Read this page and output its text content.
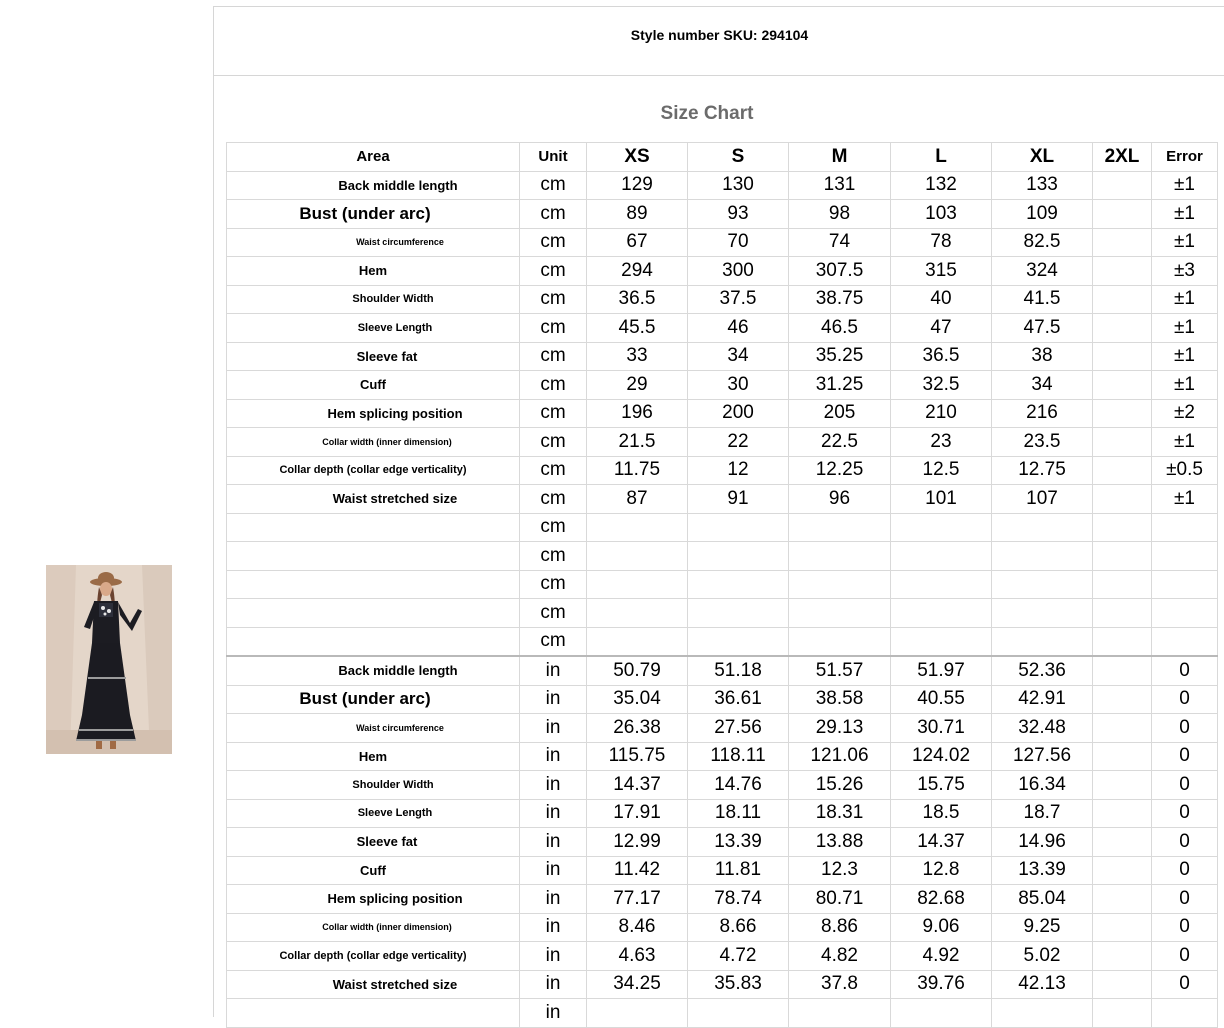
Style number SKU: 294104
Size Chart
Area	Unit	XS	S	M	L	XL	2XL	Error
Back middle length	cm	129	130	131	132	133		±1
Bust (under arc)	cm	89	93	98	103	109		±1
Waist circumference	cm	67	70	74	78	82.5		±1
Hem	cm	294	300	307.5	315	324		±3
Shoulder Width	cm	36.5	37.5	38.75	40	41.5		±1
Sleeve Length	cm	45.5	46	46.5	47	47.5		±1
Sleeve fat	cm	33	34	35.25	36.5	38		±1
Cuff	cm	29	30	31.25	32.5	34		±1
Hem splicing position	cm	196	200	205	210	216		±2
Collar width (inner dimension)	cm	21.5	22	22.5	23	23.5		±1
Collar depth (collar edge verticality)	cm	11.75	12	12.25	12.5	12.75		±0.5
Waist stretched size	cm	87	91	96	101	107		±1
	cm							
	cm							
	cm							
	cm							
	cm							
Back middle length	in	50.79	51.18	51.57	51.97	52.36		0
Bust (under arc)	in	35.04	36.61	38.58	40.55	42.91		0
Waist circumference	in	26.38	27.56	29.13	30.71	32.48		0
Hem	in	115.75	118.11	121.06	124.02	127.56		0
Shoulder Width	in	14.37	14.76	15.26	15.75	16.34		0
Sleeve Length	in	17.91	18.11	18.31	18.5	18.7		0
Sleeve fat	in	12.99	13.39	13.88	14.37	14.96		0
Cuff	in	11.42	11.81	12.3	12.8	13.39		0
Hem splicing position	in	77.17	78.74	80.71	82.68	85.04		0
Collar width (inner dimension)	in	8.46	8.66	8.86	9.06	9.25		0
Collar depth (collar edge verticality)	in	4.63	4.72	4.82	4.92	5.02		0
Waist stretched size	in	34.25	35.83	37.8	39.76	42.13		0
	in							
